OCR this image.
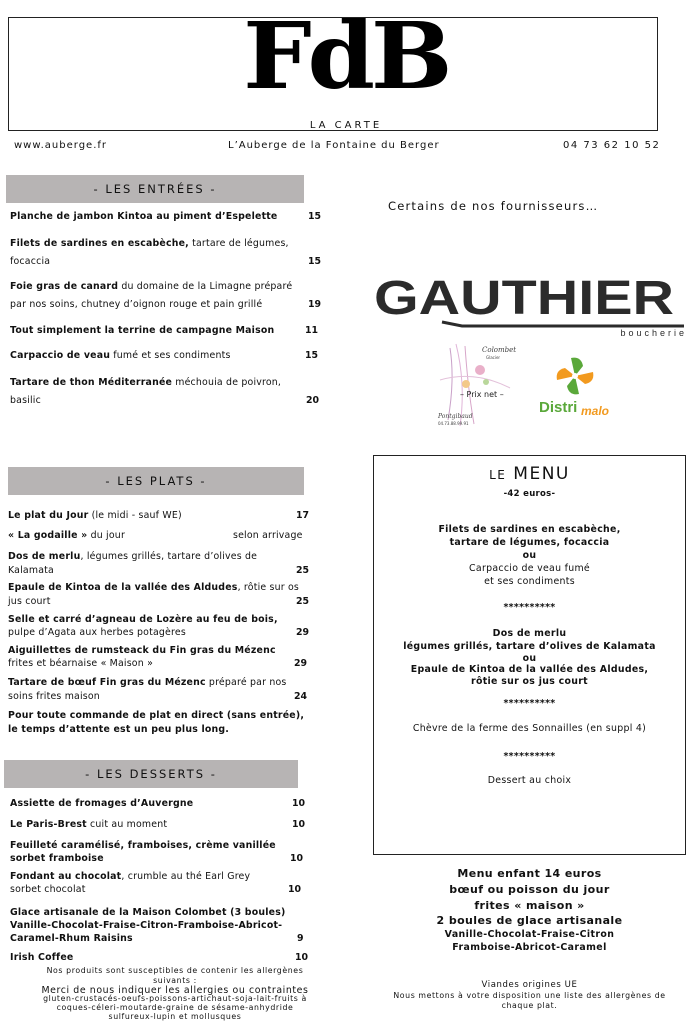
FdB
LA CARTE
www.auberge.fr	L’Auberge de la Fontaine du Berger	04 73 62 10 52
- LES ENTRÉES -
Planche de jambon Kintoa au piment d’Espelette	15
Filets de sardines en escabèche, tartare de légumes,
focaccia	15
Foie gras de canard du domaine de la Limagne préparé
par nos soins, chutney d’oignon rouge et pain grillé	19
Tout simplement la terrine de campagne Maison	11
Carpaccio de veau fumé et ses condiments	15
Tartare de thon Méditerranée méchouia de poivron,
basilic	20
- LES PLATS -
Le plat du Jour (le midi - sauf WE)	17
« La godaille » du jour	selon arrivage
Dos de merlu, légumes grillés, tartare d’olives de
Kalamata	25
Epaule de Kintoa de la vallée des Aldudes, rôtie sur os
jus court	25
Selle et carré d’agneau de Lozère au feu de bois,
pulpe d’Agata aux herbes potagères	29
Aiguillettes de rumsteack du Fin gras du Mézenc
frites et béarnaise « Maison »	29
Tartare de bœuf Fin gras du Mézenc préparé par nos
soins frites maison	24
Pour toute commande de plat en direct (sans entrée),
le temps d’attente est un peu plus long.
- LES DESSERTS -
Assiette de fromages d’Auvergne	10
Le Paris-Brest cuit au moment	10
Feuilleté caramélisé, framboises, crème vanillée
sorbet framboise	10
Fondant au chocolat, crumble au thé Earl Grey
sorbet chocolat	10
Glace artisanale de la Maison Colombet (3 boules)
Vanille-Chocolat-Fraise-Citron-Framboise-Abricot-
Caramel-Rhum Raisins	9
Irish Coffee	10
Nos produits sont susceptibles de contenir les allergènes
suivants :
Merci de nous indiquer les allergies ou contraintes
gluten-crustacés-oeufs-poissons-artichaut-soja-lait-fruits à
coques-céleri-moutarde-graine de sésame-anhydride
sulfureux-lupin et mollusques
Certains de nos fournisseurs…
GAUTHIER
boucherie
Colombet
Glacier
– Prix net –
Pontgibaud
04.73.88.99.91
Distri malo
LE MENU
-42 euros-
Filets de sardines en escabèche,
tartare de légumes, focaccia
ou
Carpaccio de veau fumé
et ses condiments
**********
Dos de merlu
légumes grillés, tartare d’olives de Kalamata
ou
Epaule de Kintoa de la vallée des Aldudes,
rôtie sur os jus court
**********
Chèvre de la ferme des Sonnailles (en suppl 4)
**********
Dessert au choix
Menu enfant 14 euros
bœuf ou poisson du jour
frites « maison »
2 boules de glace artisanale
Vanille-Chocolat-Fraise-Citron
Framboise-Abricot-Caramel
Viandes origines UE
Nous mettons à votre disposition une liste des allergènes de
chaque plat.
